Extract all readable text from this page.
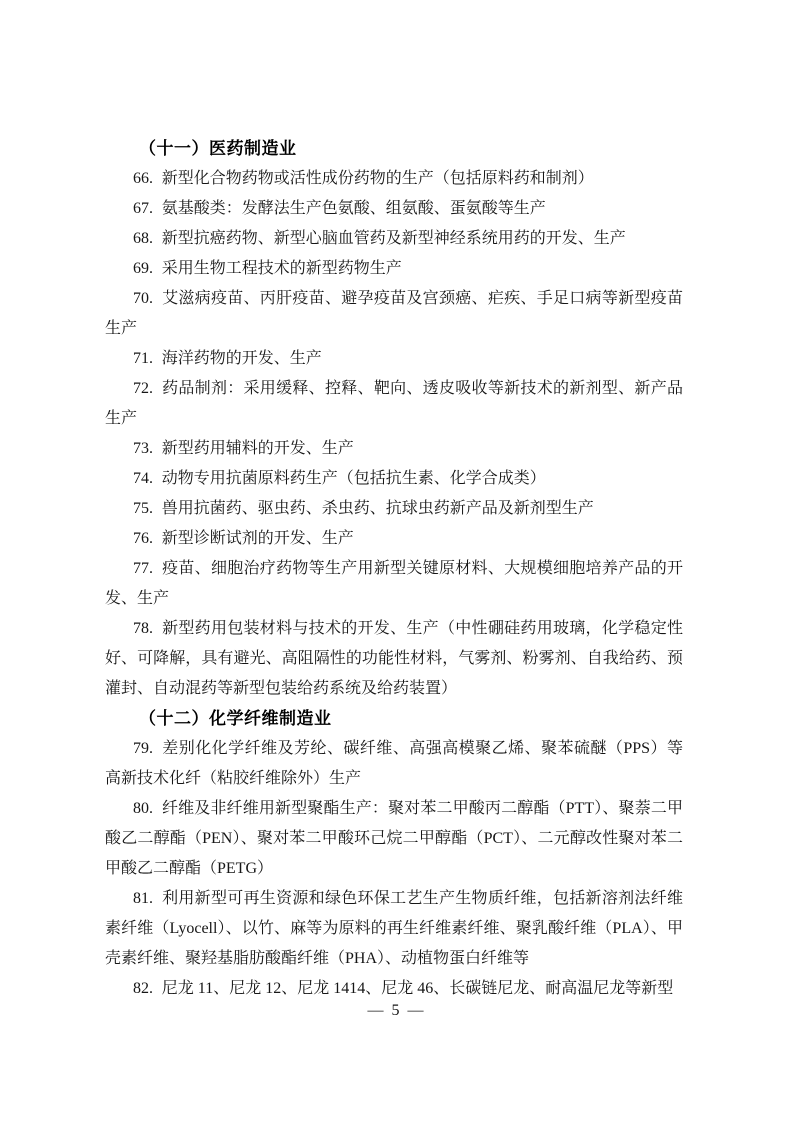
（十一）医药制造业

66. 新型化合物药物或活性成份药物的生产（包括原料药和制剂）

67. 氨基酸类：发酵法生产色氨酸、组氨酸、蛋氨酸等生产

68. 新型抗癌药物、新型心脑血管药及新型神经系统用药的开发、生产

69. 采用生物工程技术的新型药物生产

70. 艾滋病疫苗、丙肝疫苗、避孕疫苗及宫颈癌、疟疾、手足口病等新型疫苗生产

71. 海洋药物的开发、生产

72. 药品制剂：采用缓释、控释、靶向、透皮吸收等新技术的新剂型、新产品生产

73. 新型药用辅料的开发、生产

74. 动物专用抗菌原料药生产（包括抗生素、化学合成类）

75. 兽用抗菌药、驱虫药、杀虫药、抗球虫药新产品及新剂型生产

76. 新型诊断试剂的开发、生产

77. 疫苗、细胞治疗药物等生产用新型关键原材料、大规模细胞培养产品的开发、生产

78. 新型药用包装材料与技术的开发、生产（中性硼硅药用玻璃，化学稳定性好、可降解，具有避光、高阻隔性的功能性材料，气雾剂、粉雾剂、自我给药、预灌封、自动混药等新型包装给药系统及给药装置）

（十二）化学纤维制造业

79. 差别化化学纤维及芳纶、碳纤维、高强高模聚乙烯、聚苯硫醚（PPS）等高新技术化纤（粘胶纤维除外）生产

80. 纤维及非纤维用新型聚酯生产：聚对苯二甲酸丙二醇酯（PTT）、聚萘二甲酸乙二醇酯（PEN）、聚对苯二甲酸环己烷二甲醇酯（PCT）、二元醇改性聚对苯二甲酸乙二醇酯（PETG）

81. 利用新型可再生资源和绿色环保工艺生产生物质纤维，包括新溶剂法纤维素纤维（Lyocell）、以竹、麻等为原料的再生纤维素纤维、聚乳酸纤维（PLA）、甲壳素纤维、聚羟基脂肪酸酯纤维（PHA）、动植物蛋白纤维等

82. 尼龙 11、尼龙 12、尼龙 1414、尼龙 46、长碳链尼龙、耐高温尼龙等新型

— 5 —
